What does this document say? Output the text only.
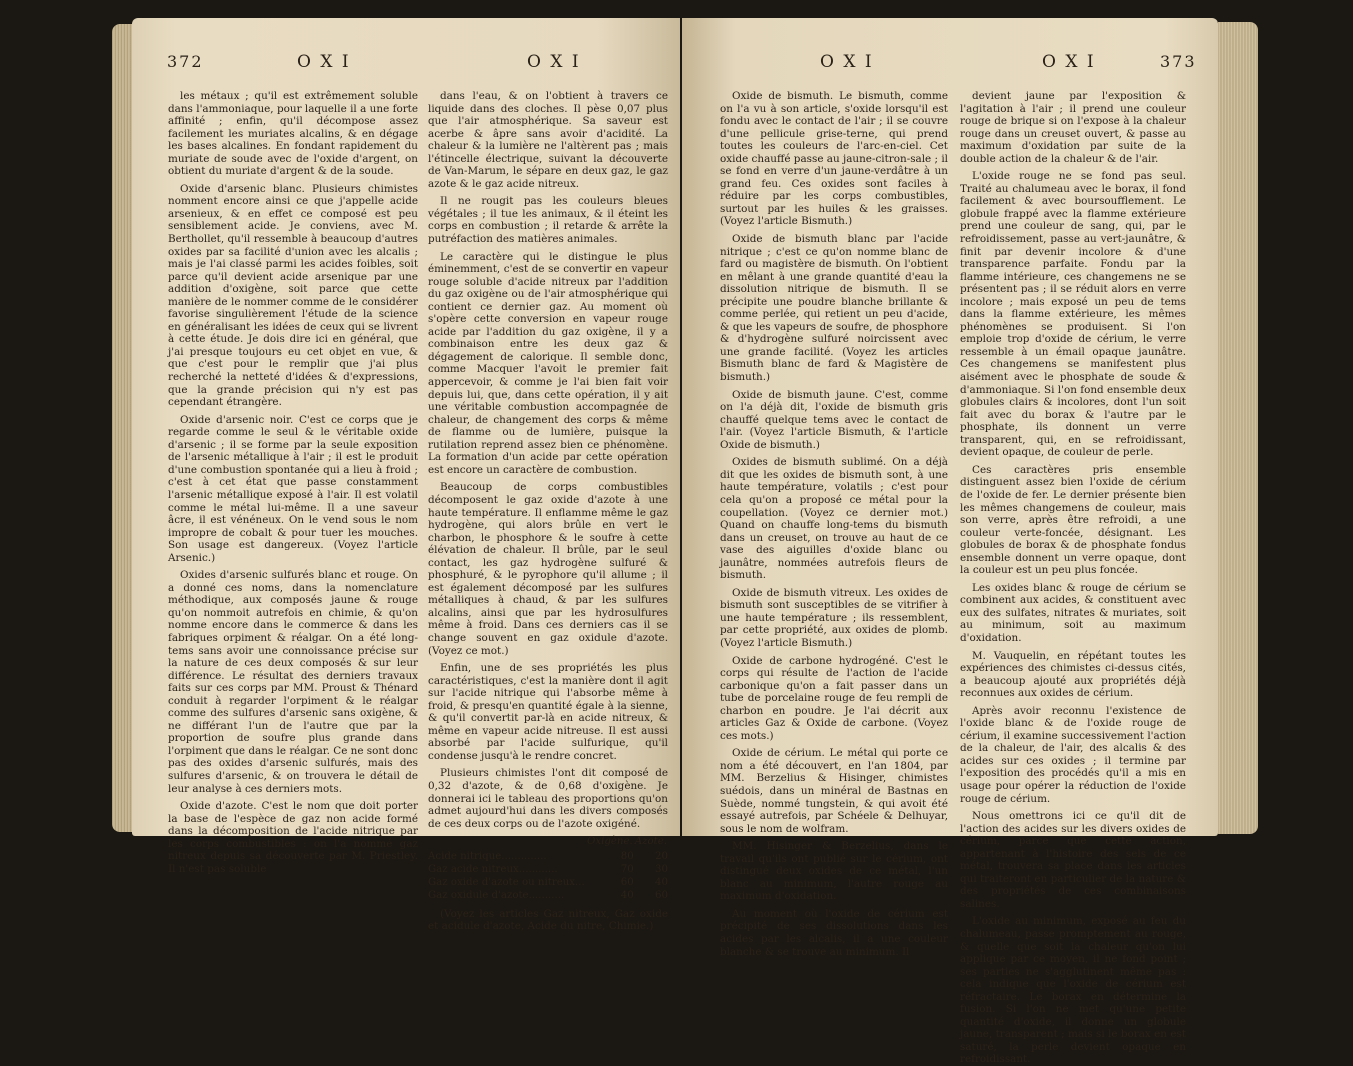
372	O X I	O X I

les métaux ; qu'il est extrêmement soluble dans l'ammoniaque, pour laquelle il a une forte affinité ; enfin, qu'il décompose assez facilement les muriates alcalins, & en dégage les bases alcalines. En fondant rapidement du muriate de soude avec de l'oxide d'argent, on obtient du muriate d'argent & de la soude.

Oxide d'arsenic blanc. Plusieurs chimistes nomment encore ainsi ce que j'appelle acide arsenieux, & en effet ce composé est peu sensiblement acide. Je conviens, avec M. Berthollet, qu'il ressemble à beaucoup d'autres oxides par sa facilité d'union avec les alcalis ; mais je l'ai classé parmi les acides foibles, soit parce qu'il devient acide arsenique par une addition d'oxigène, soit parce que cette manière de le nommer comme de le considérer favorise singulièrement l'étude de la science en généralisant les idées de ceux qui se livrent à cette étude. Je dois dire ici en général, que j'ai presque toujours eu cet objet en vue, & que c'est pour le remplir que j'ai plus recherché la netteté d'idées & d'expressions, que la grande précision qui n'y est pas cependant étrangère.

Oxide d'arsenic noir. C'est ce corps que je regarde comme le seul & le véritable oxide d'arsenic ; il se forme par la seule exposition de l'arsenic métallique à l'air ; il est le produit d'une combustion spontanée qui a lieu à froid ; c'est à cet état que passe constamment l'arsenic métallique exposé à l'air. Il est volatil comme le métal lui-même. Il a une saveur âcre, il est vénéneux. On le vend sous le nom impropre de cobalt & pour tuer les mouches. Son usage est dangereux. (Voyez l'article Arsenic.)

Oxides d'arsenic sulfurés blanc et rouge. On a donné ces noms, dans la nomenclature méthodique, aux composés jaune & rouge qu'on nommoit autrefois en chimie, & qu'on nomme encore dans le commerce & dans les fabriques orpiment & réalgar. On a été long-tems sans avoir une connoissance précise sur la nature de ces deux composés & sur leur différence. Le résultat des derniers travaux faits sur ces corps par MM. Proust & Thénard conduit à regarder l'orpiment & le réalgar comme des sulfures d'arsenic sans oxigène, & ne différant l'un de l'autre que par la proportion de soufre plus grande dans l'orpiment que dans le réalgar. Ce ne sont donc pas des oxides d'arsenic sulfurés, mais des sulfures d'arsenic, & on trouvera le détail de leur analyse à ces derniers mots.

Oxide d'azote. C'est le nom que doit porter la base de l'espèce de gaz non acide formé dans la décomposition de l'acide nitrique par les corps combustibles : on l'a nommé gaz nitreux depuis sa découverte par M. Priestley. Il n'est pas soluble

dans l'eau, & on l'obtient à travers ce liquide dans des cloches. Il pèse 0,07 plus que l'air atmosphérique. Sa saveur est acerbe & âpre sans avoir d'acidité. La chaleur & la lumière ne l'altèrent pas ; mais l'étincelle électrique, suivant la découverte de Van-Marum, le sépare en deux gaz, le gaz azote & le gaz acide nitreux.

Il ne rougit pas les couleurs bleues végétales ; il tue les animaux, & il éteint les corps en combustion ; il retarde & arrête la putréfaction des matières animales.

Le caractère qui le distingue le plus éminemment, c'est de se convertir en vapeur rouge soluble d'acide nitreux par l'addition du gaz oxigène ou de l'air atmosphérique qui contient ce dernier gaz. Au moment où s'opère cette conversion en vapeur rouge acide par l'addition du gaz oxigène, il y a combinaison entre les deux gaz & dégagement de calorique. Il semble donc, comme Macquer l'avoit le premier fait appercevoir, & comme je l'ai bien fait voir depuis lui, que, dans cette opération, il y ait une véritable combustion accompagnée de chaleur, de changement des corps & même de flamme ou de lumière, puisque la rutilation reprend assez bien ce phénomène. La formation d'un acide par cette opération est encore un caractère de combustion.

Beaucoup de corps combustibles décomposent le gaz oxide d'azote à une haute température. Il enflamme même le gaz hydrogène, qui alors brûle en vert le charbon, le phosphore & le soufre à cette élévation de chaleur. Il brûle, par le seul contact, les gaz hydrogène sulfuré & phosphuré, & le pyrophore qu'il allume ; il est également décomposé par les sulfures métalliques à chaud, & par les sulfures alcalins, ainsi que par les hydrosulfures même à froid. Dans ces derniers cas il se change souvent en gaz oxidule d'azote. (Voyez ce mot.)

Enfin, une de ses propriétés les plus caractéristiques, c'est la manière dont il agit sur l'acide nitrique qui l'absorbe même à froid, & presqu'en quantité égale à la sienne, & qu'il convertit par-là en acide nitreux, & même en vapeur acide nitreuse. Il est aussi absorbé par l'acide sulfurique, qu'il condense jusqu'à le rendre concret.

Plusieurs chimistes l'ont dit composé de 0,32 d'azote, & de 0,68 d'oxigène. Je donnerai ici le tableau des proportions qu'on admet aujourd'hui dans les divers composés de ces deux corps ou de l'azote oxigéné.

	Oxigène.	Azote.
Acide nitrique..............	80	20
Gaz acide nitreux............	70	30
Gaz oxide d'azote ou nitreux...	60	40
Gaz oxidule d'azote...........	40	60

(Voyez les articles Gaz nitreux, Gaz oxide et acidule d'azote, Acide du nitre, Chimie.)

O X I	O X I	373

Oxide de bismuth. Le bismuth, comme on l'a vu à son article, s'oxide lorsqu'il est fondu avec le contact de l'air ; il se couvre d'une pellicule grise-terne, qui prend toutes les couleurs de l'arc-en-ciel. Cet oxide chauffé passe au jaune-citron-sale ; il se fond en verre d'un jaune-verdâtre à un grand feu. Ces oxides sont faciles à réduire par les corps combustibles, surtout par les huiles & les graisses. (Voyez l'article Bismuth.)

Oxide de bismuth blanc par l'acide nitrique ; c'est ce qu'on nomme blanc de fard ou magistère de bismuth. On l'obtient en mêlant à une grande quantité d'eau la dissolution nitrique de bismuth. Il se précipite une poudre blanche brillante & comme perlée, qui retient un peu d'acide, & que les vapeurs de soufre, de phosphore & d'hydrogène sulfuré noircissent avec une grande facilité. (Voyez les articles Bismuth blanc de fard & Magistère de bismuth.)

Oxide de bismuth jaune. C'est, comme on l'a déjà dit, l'oxide de bismuth gris chauffé quelque tems avec le contact de l'air. (Voyez l'article Bismuth, & l'article Oxide de bismuth.)

Oxides de bismuth sublimé. On a déjà dit que les oxides de bismuth sont, à une haute température, volatils ; c'est pour cela qu'on a proposé ce métal pour la coupellation. (Voyez ce dernier mot.) Quand on chauffe long-tems du bismuth dans un creuset, on trouve au haut de ce vase des aiguilles d'oxide blanc ou jaunâtre, nommées autrefois fleurs de bismuth.

Oxide de bismuth vitreux. Les oxides de bismuth sont susceptibles de se vitrifier à une haute température ; ils ressemblent, par cette propriété, aux oxides de plomb. (Voyez l'article Bismuth.)

Oxide de carbone hydrogéné. C'est le corps qui résulte de l'action de l'acide carbonique qu'on a fait passer dans un tube de porcelaine rouge de feu rempli de charbon en poudre. Je l'ai décrit aux articles Gaz & Oxide de carbone. (Voyez ces mots.)

Oxide de cérium. Le métal qui porte ce nom a été découvert, en l'an 1804, par MM. Berzelius & Hisinger, chimistes suédois, dans un minéral de Bastnas en Suède, nommé tungstein, & qui avoit été essayé autrefois, par Schéele & Delhuyar, sous le nom de wolfram.

MM. Hisinger & Berzelius, dans le travail qu'ils ont publié sur le cérium, ont distingué deux oxides de ce métal, l'un blanc au minimum, l'autre rouge au maximum d'oxidation.

Au moment où l'oxide de cérium est précipité de ses dissolutions dans les acides par les alcalis, il a une couleur blanche & se trouve au minimum. Il

devient jaune par l'exposition & l'agitation à l'air ; il prend une couleur rouge de brique si on l'expose à la chaleur rouge dans un creuset ouvert, & passe au maximum d'oxidation par suite de la double action de la chaleur & de l'air.

L'oxide rouge ne se fond pas seul. Traité au chalumeau avec le borax, il fond facilement & avec boursoufflement. Le globule frappé avec la flamme extérieure prend une couleur de sang, qui, par le refroidissement, passe au vert-jaunâtre, & finit par devenir incolore & d'une transparence parfaite. Fondu par la flamme intérieure, ces changemens ne se présentent pas ; il se réduit alors en verre incolore ; mais exposé un peu de tems dans la flamme extérieure, les mêmes phénomènes se produisent. Si l'on emploie trop d'oxide de cérium, le verre ressemble à un émail opaque jaunâtre. Ces changemens se manifestent plus aisément avec le phosphate de soude & d'ammoniaque. Si l'on fond ensemble deux globules clairs & incolores, dont l'un soit fait avec du borax & l'autre par le phosphate, ils donnent un verre transparent, qui, en se refroidissant, devient opaque, de couleur de perle.

Ces caractères pris ensemble distinguent assez bien l'oxide de cérium de l'oxide de fer. Le dernier présente bien les mêmes changemens de couleur, mais son verre, après être refroidi, a une couleur verte-foncée, désignant. Les globules de borax & de phosphate fondus ensemble donnent un verre opaque, dont la couleur est un peu plus foncée.

Les oxides blanc & rouge de cérium se combinent aux acides, & constituent avec eux des sulfates, nitrates & muriates, soit au minimum, soit au maximum d'oxidation.

M. Vauquelin, en répétant toutes les expériences des chimistes ci-dessus cités, a beaucoup ajouté aux propriétés déjà reconnues aux oxides de cérium.

Après avoir reconnu l'existence de l'oxide blanc & de l'oxide rouge de cérium, il examine successivement l'action de la chaleur, de l'air, des alcalis & des acides sur ces oxides ; il termine par l'exposition des procédés qu'il a mis en usage pour opérer la réduction de l'oxide rouge de cérium.

Nous omettrons ici ce qu'il dit de l'action des acides sur les divers oxides de cérium, parce que cette action, appartenant à l'histoire des sels de ce métal, trouvera sa place dans les articles qui traiteront en particulier de la nature & des propriétés de ces combinaisons salines.

L'oxide au minimum, exposé au feu du chalumeau, passe promptement au rouge, & quelle que soit la chaleur qu'on lui applique par ce moyen, il ne fond point ; ses parties ne s'agglutinent même pas : cela indique que l'oxide de cérium est réfractaire. Le borax en détermine la fusion. Si l'on ne met qu'une petite quantité d'oxide, il donne un globule jaune, transparent ; mais si le borax en est saturé, la perle devient opaque en refroidissant.
